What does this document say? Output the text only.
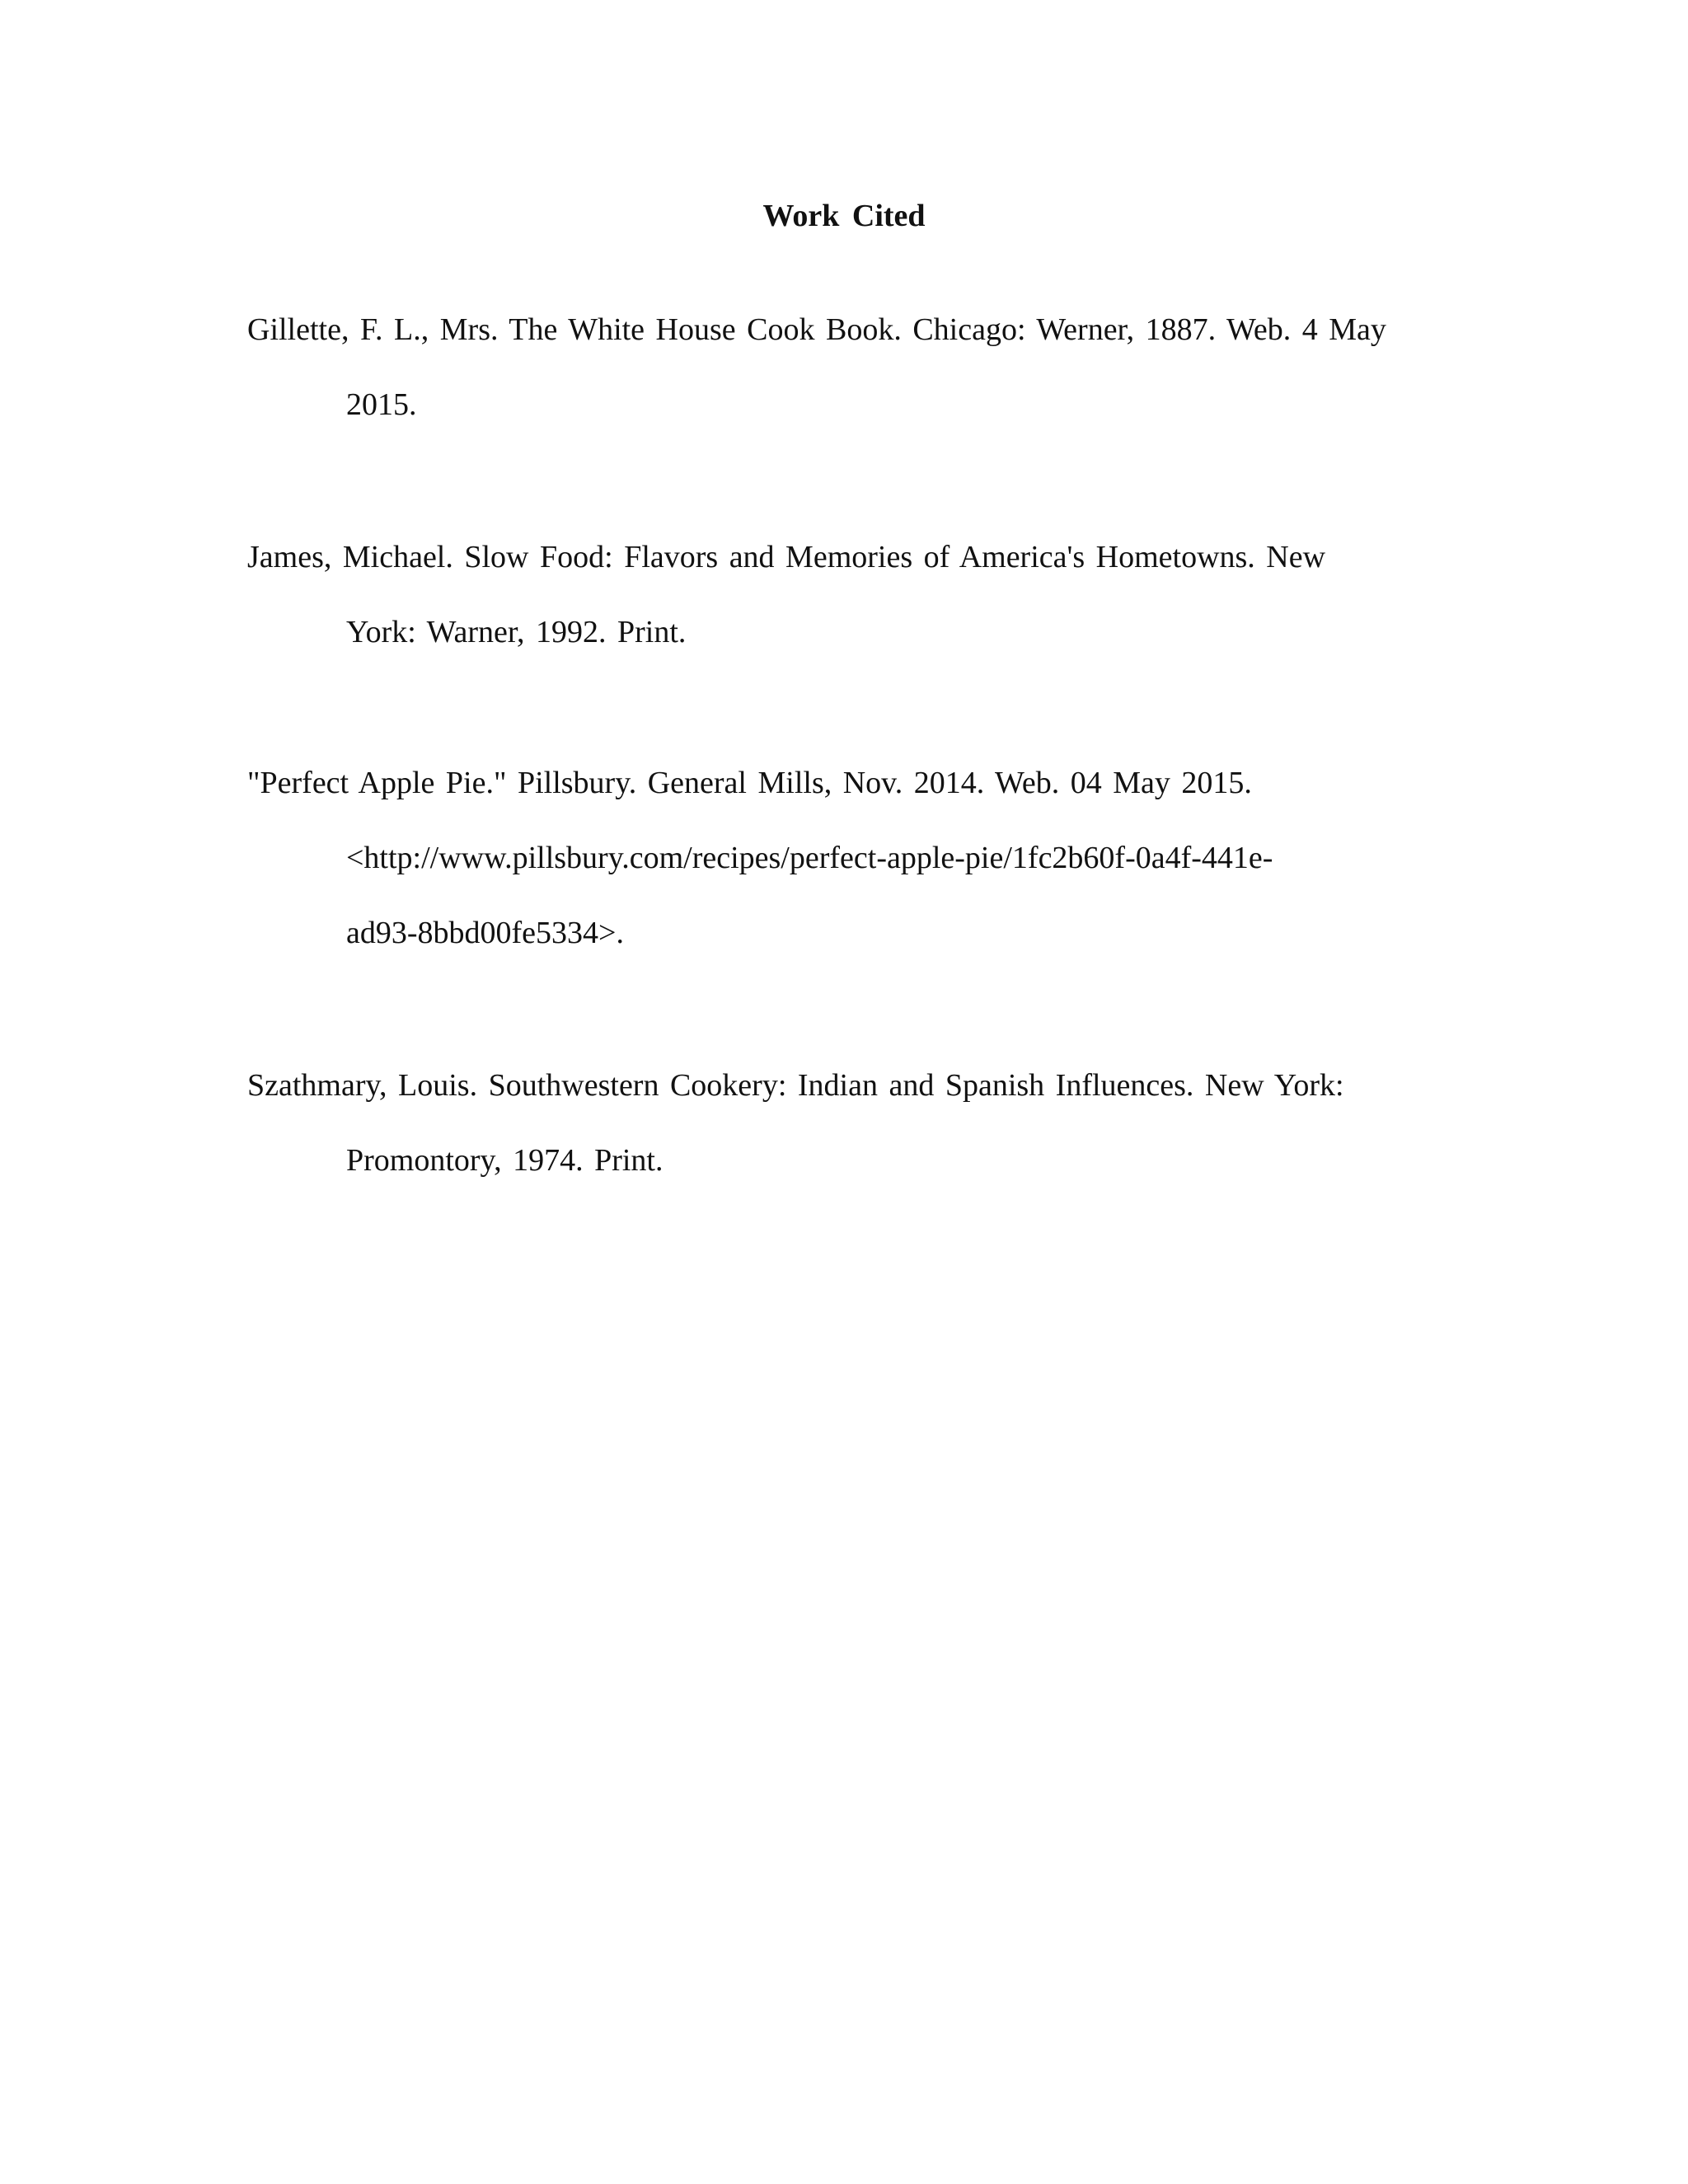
Work Cited
Gillette, F. L., Mrs. The White House Cook Book. Chicago: Werner, 1887. Web. 4 May
2015.
James, Michael. Slow Food: Flavors and Memories of America's Hometowns. New
York: Warner, 1992. Print.
"Perfect Apple Pie." Pillsbury. General Mills, Nov. 2014. Web. 04 May 2015.
<http://www.pillsbury.com/recipes/perfect-apple-pie/1fc2b60f-0a4f-441e-
ad93-8bbd00fe5334>.
Szathmary, Louis. Southwestern Cookery: Indian and Spanish Influences. New York:
Promontory, 1974. Print.
